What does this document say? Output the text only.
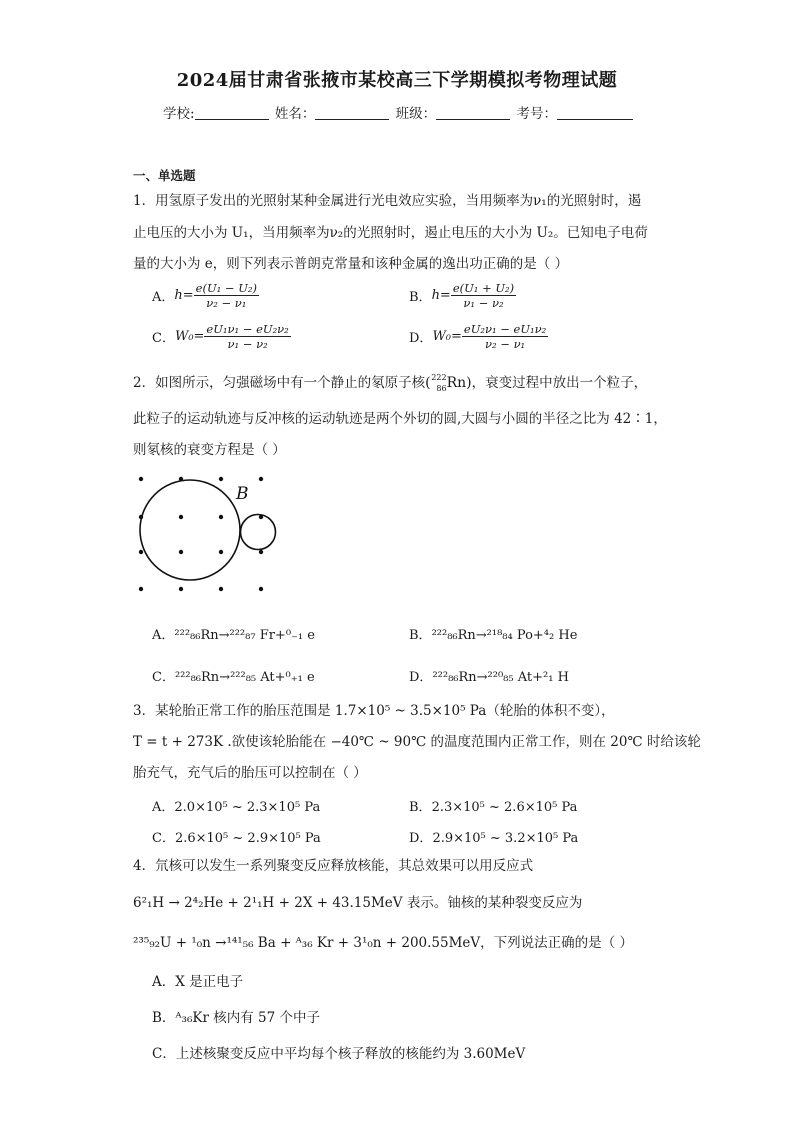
2024届甘肃省张掖市某校高三下学期模拟考物理试题
学校:	姓名：	班级：	考号：
一、单选题
1．用氢原子发出的光照射某种金属进行光电效应实验，当用频率为ν₁的光照射时，遏
止电压的大小为 U₁，当用频率为ν₂的光照射时，遏止电压的大小为 U₂。已知电子电荷
量的大小为 e，则下列表示普朗克常量和该种金属的逸出功正确的是（ ）
A．$h= \frac{\text{e(U₁ − U₂)}}{\text{ν₂ − ν₁}}$	B．$h= \frac{\text{e(U₁ + U₂)}}{\text{ν₁ − ν₂}}$
C．$W_0= \frac{\text{eU₁ν₁ − eU₂ν₂}}{\text{ν₁ − ν₂}}$	D．$W_0= \frac{\text{eU₂ν₁ − eU₁ν₂}}{\text{ν₂ − ν₁}}$
2．如图所示，匀强磁场中有一个静止的氡原子核( 222
86 Rn)，衰变过程中放出一个粒子，
此粒子的运动轨迹与反冲核的运动轨迹是两个外切的圆,大圆与小圆的半径之比为 42∶1，
则氡核的衰变方程是（ ）
B
A．²²²₈₆Rn→²²²₈₇ Fr+⁰₋₁ e	B．²²²₈₆Rn→²¹⁸₈₄ Po+⁴₂ He
C．²²²₈₆Rn→²²²₈₅ At+⁰₊₁ e	D．²²²₈₆Rn→²²⁰₈₅ At+²₁ H
3．某轮胎正常工作的胎压范围是 1.7×10⁵ ~ 3.5×10⁵ Pa（轮胎的体积不变），
T = t + 273K .欲使该轮胎能在 −40℃ ~ 90℃ 的温度范围内正常工作，则在 20℃ 时给该轮
胎充气，充气后的胎压可以控制在（ ）
A．2.0×10⁵ ~ 2.3×10⁵ Pa	B．2.3×10⁵ ~ 2.6×10⁵ Pa
C．2.6×10⁵ ~ 2.9×10⁵ Pa	D．2.9×10⁵ ~ 3.2×10⁵ Pa
4．氘核可以发生一系列聚变反应释放核能，其总效果可以用反应式
6²₁H → 2⁴₂He + 2¹₁H + 2X + 43.15MeV 表示。铀核的某种裂变反应为
²³⁵₉₂U + ¹₀n →¹⁴¹₅₆ Ba + ᴬ₃₆ Kr + 3¹₀n + 200.55MeV，下列说法正确的是（ ）
A．X 是正电子
B．ᴬ₃₆Kr 核内有 57 个中子
C．上述核聚变反应中平均每个核子释放的核能约为 3.60MeV
